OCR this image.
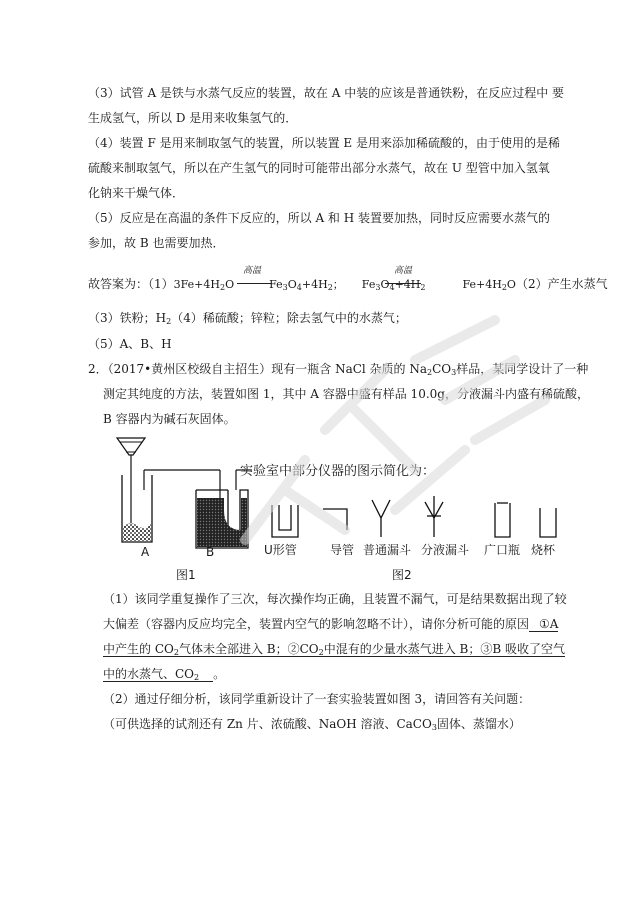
（3）试管 A 是铁与水蒸气反应的装置，故在 A 中装的应该是普通铁粉，在反应过程中 要
生成氢气，所以 D 是用来收集氢气的．
（4）装置 F 是用来制取氢气的装置，所以装置 E 是用来添加稀硫酸的，由于使用的是稀
硫酸来制取氢气，所以在产生氢气的同时可能带出部分水蒸气，故在 U 型管中加入氢氧
化钠来干燥气体．
（5）反应是在高温的条件下反应的，所以 A 和 H 装置要加热，同时反应需要水蒸气的
参加，故 B 也需要加热．
高温	高温
故答案为：$(1)3Fe+4H_2O$	$Fe_3O_4+4H_2$； $Fe_3O_4+4H_2$	$Fe+4H_2O(2)$产生水蒸气
（3）铁粉；$H_2(4)$稀硫酸；锌粒；除去氢气中的水蒸气；
（5）A、B、H
2．（2017•黄州区校级自主招生）现有一瓶含 NaCl 杂质的 $Na_2CO_3$样品，某同学设计了一种
测定其纯度的方法，装置如图 1，其中 A 容器中盛有样品 10.0g，分液漏斗内盛有稀硫酸，
B 容器内为碱石灰固体。
实验室中部分仪器的图示简化为：
A	B	U形管	导管 普通漏斗 分液漏斗 广口瓶 烧杯
图1	图2
（1）该同学重复操作了三次，每次操作均正确，且装置不漏气，可是结果数据出现了较
大偏差（容器内反应均完全，装置内空气的影响忽略不计），请你分析可能的原因 ①A
中产生的 $CO_2$气体未全部进入 B；$②CO_2$中混有的少量水蒸气进入 B；③B 吸收了空气
中的水蒸气、$CO_2$ 。
（2）通过仔细分析，该同学重新设计了一套实验装置如图 3，请回答有关问题：
（可供选择的试剂还有 Zn 片、浓硫酸、NaOH 溶液、CaCO$_3$固体、蒸馏水）
